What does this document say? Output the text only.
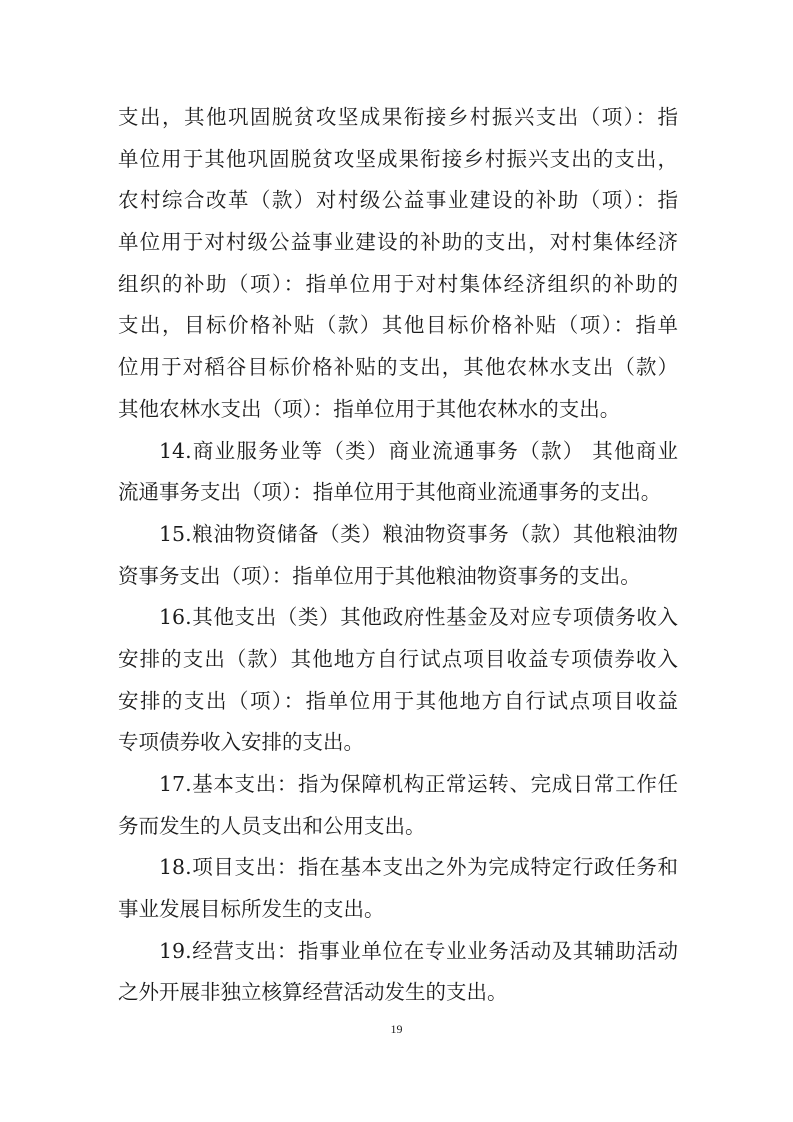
支出，其他巩固脱贫攻坚成果衔接乡村振兴支出（项）：指
单位用于其他巩固脱贫攻坚成果衔接乡村振兴支出的支出，
农村综合改革（款）对村级公益事业建设的补助（项）：指
单位用于对村级公益事业建设的补助的支出，对村集体经济
组织的补助（项）：指单位用于对村集体经济组织的补助的
支出，目标价格补贴（款）其他目标价格补贴（项）：指单
位用于对稻谷目标价格补贴的支出，其他农林水支出（款）
其他农林水支出（项）：指单位用于其他农林水的支出。
14.商业服务业等（类）商业流通事务（款） 其他商业
流通事务支出（项）：指单位用于其他商业流通事务的支出。
15.粮油物资储备（类）粮油物资事务（款）其他粮油物
资事务支出（项）：指单位用于其他粮油物资事务的支出。
16.其他支出（类）其他政府性基金及对应专项债务收入
安排的支出（款）其他地方自行试点项目收益专项债券收入
安排的支出（项）：指单位用于其他地方自行试点项目收益
专项债券收入安排的支出。
17.基本支出：指为保障机构正常运转、完成日常工作任
务而发生的人员支出和公用支出。
18.项目支出：指在基本支出之外为完成特定行政任务和
事业发展目标所发生的支出。
19.经营支出：指事业单位在专业业务活动及其辅助活动
之外开展非独立核算经营活动发生的支出。
19
